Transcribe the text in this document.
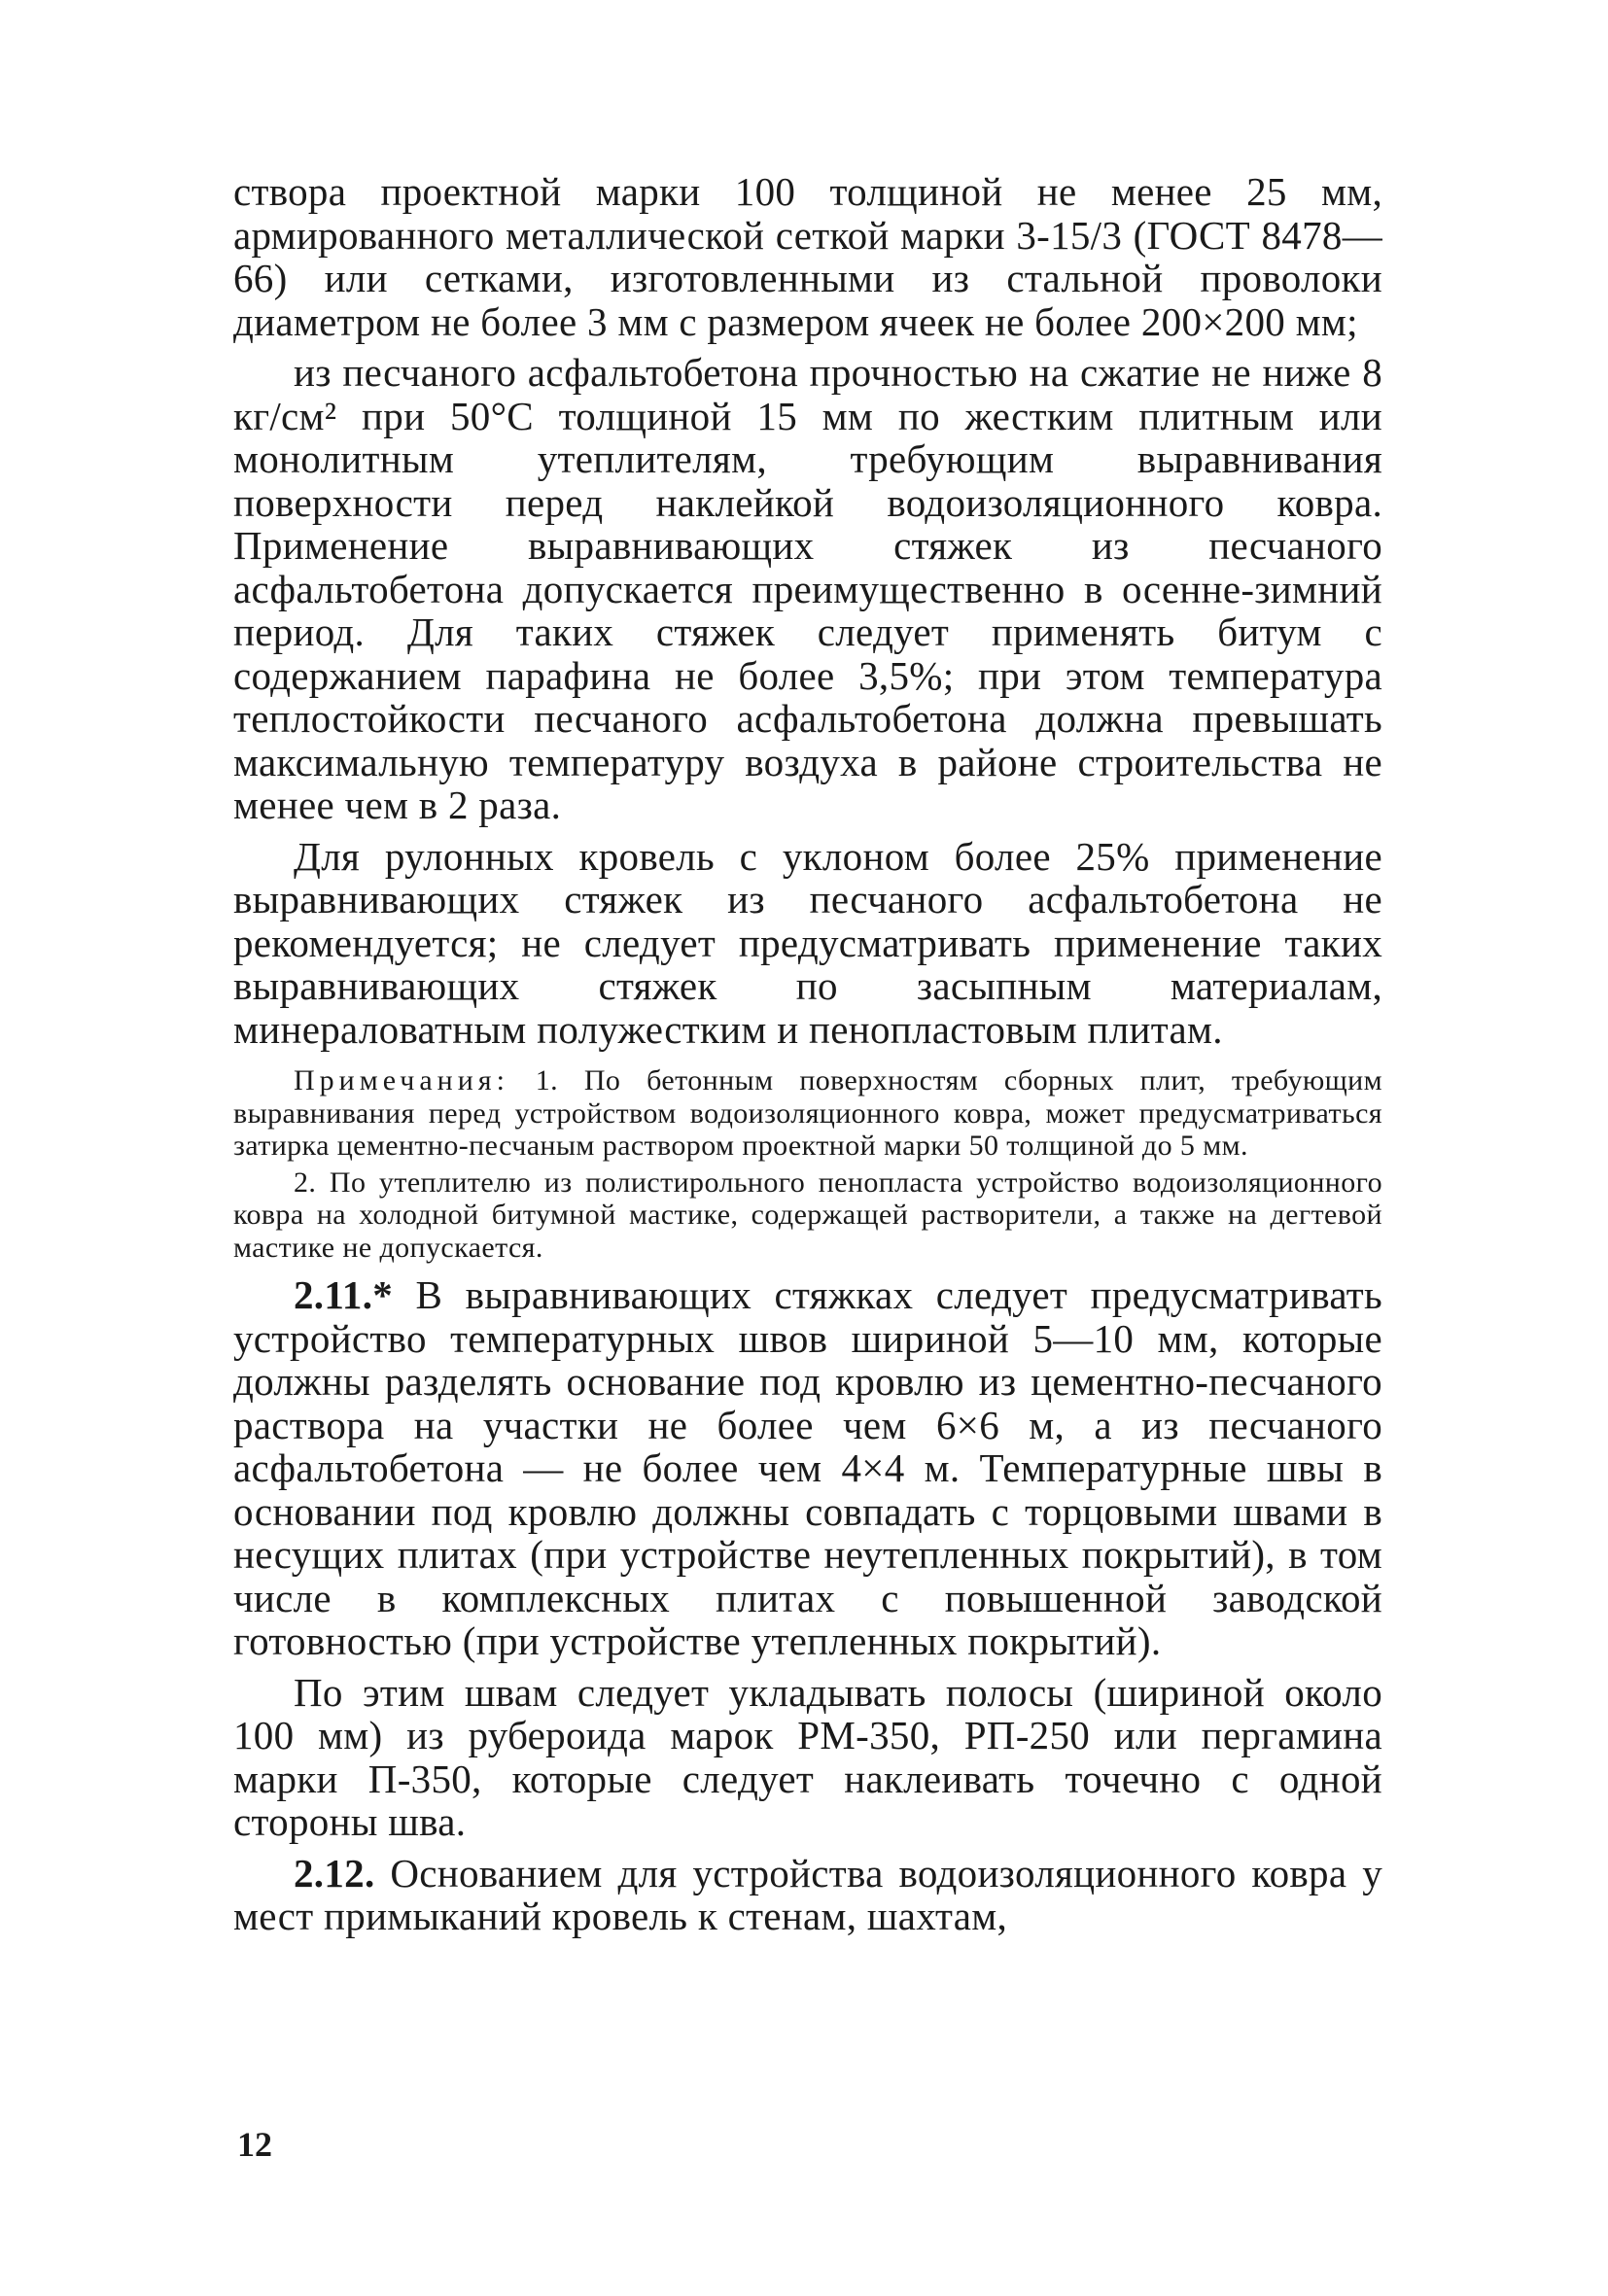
створа проектной марки 100 толщиной не менее 25 мм, армированного металлической сеткой марки 3-15/3 (ГОСТ 8478—66) или сетками, изготовленными из стальной проволоки диаметром не более 3 мм с размером ячеек не более 200×200 мм;

из песчаного асфальтобетона прочностью на сжатие не ниже 8 кг/см² при 50°С толщиной 15 мм по жестким плитным или монолитным утеплителям, требующим выравнивания поверхности перед наклейкой водоизоляционного ковра. Применение выравнивающих стяжек из песчаного асфальтобетона допускается преимущественно в осенне-зимний период. Для таких стяжек следует применять битум с содержанием парафина не более 3,5%; при этом температура теплостойкости песчаного асфальтобетона должна превышать максимальную температуру воздуха в районе строительства не менее чем в 2 раза.

Для рулонных кровель с уклоном более 25% применение выравнивающих стяжек из песчаного асфальтобетона не рекомендуется; не следует предусматривать применение таких выравнивающих стяжек по засыпным материалам, минераловатным полужестким и пенопластовым плитам.

Примечания: 1. По бетонным поверхностям сборных плит, требующим выравнивания перед устройством водоизоляционного ковра, может предусматриваться затирка цементно-песчаным раствором проектной марки 50 толщиной до 5 мм.

2. По утеплителю из полистирольного пенопласта устройство водоизоляционного ковра на холодной битумной мастике, содержащей растворители, а также на дегтевой мастике не допускается.

2.11.* В выравнивающих стяжках следует предусматривать устройство температурных швов шириной 5—10 мм, которые должны разделять основание под кровлю из цементно-песчаного раствора на участки не более чем 6×6 м, а из песчаного асфальтобетона — не более чем 4×4 м. Температурные швы в основании под кровлю должны совпадать с торцовыми швами в несущих плитах (при устройстве неутепленных покрытий), в том числе в комплексных плитах с повышенной заводской готовностью (при устройстве утепленных покрытий).

По этим швам следует укладывать полосы (шириной около 100 мм) из рубероида марок РМ-350, РП-250 или пергамина марки П-350, которые следует наклеивать точечно с одной стороны шва.

2.12. Основанием для устройства водоизоляционного ковра у мест примыканий кровель к стенам, шахтам,

12
